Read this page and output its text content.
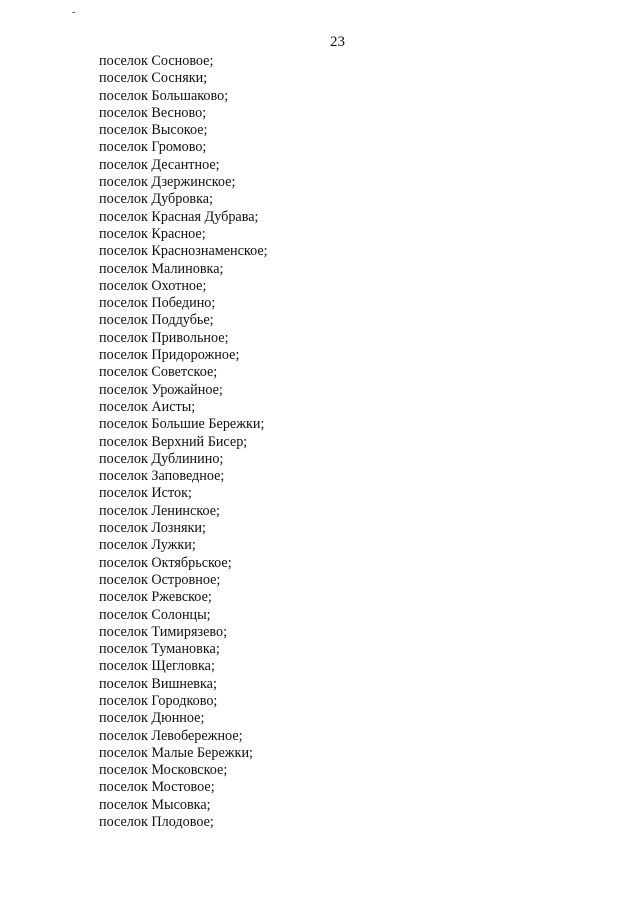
-
23
поселок Сосновое;
поселок Сосняки;
поселок Большаково;
поселок Весново;
поселок Высокое;
поселок Громово;
поселок Десантное;
поселок Дзержинское;
поселок Дубровка;
поселок Красная Дубрава;
поселок Красное;
поселок Краснознаменское;
поселок Малиновка;
поселок Охотное;
поселок Победино;
поселок Поддубье;
поселок Привольное;
поселок Придорожное;
поселок Советское;
поселок Урожайное;
поселок Аисты;
поселок Большие Бережки;
поселок Верхний Бисер;
поселок Дублинино;
поселок Заповедное;
поселок Исток;
поселок Ленинское;
поселок Лозняки;
поселок Лужки;
поселок Октябрьское;
поселок Островное;
поселок Ржевское;
поселок Солонцы;
поселок Тимирязево;
поселок Тумановка;
поселок Щегловка;
поселок Вишневка;
поселок Городково;
поселок Дюнное;
поселок Левобережное;
поселок Малые Бережки;
поселок Московское;
поселок Мостовое;
поселок Мысовка;
поселок Плодовое;
